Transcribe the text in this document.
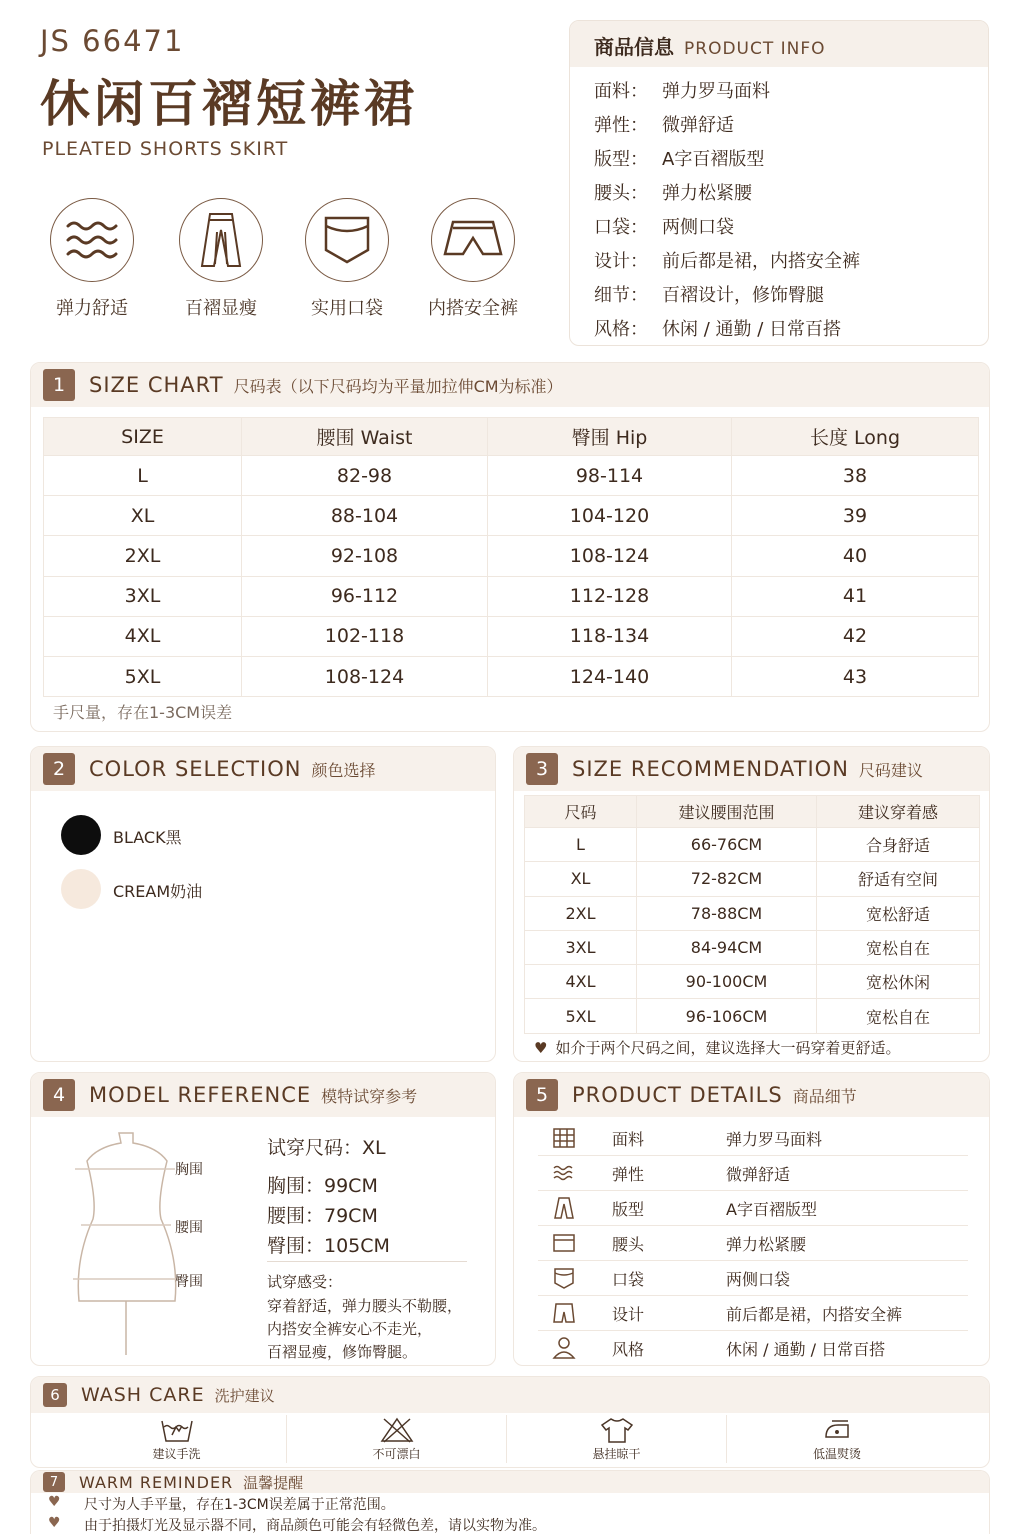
JS 66471
休闲百褶短裤裙
PLEATED SHORTS SKIRT
弹力舒适	百褶显瘦	实用口袋	内搭安全裤
商品信息 PRODUCT INFO
面料： 弹力罗马面料
弹性： 微弹舒适
版型： A字百褶版型
腰头： 弹力松紧腰
口袋： 两侧口袋
设计： 前后都是裙，内搭安全裤
细节： 百褶设计，修饰臀腿
风格： 休闲 / 通勤 / 日常百搭
1	SIZE CHART 尺码表（以下尺码均为平量加拉伸CM为标准）
SIZE	腰围 Waist	臀围 Hip	长度 Long
L	82-98	98-114	38
XL	88-104	104-120	39
2XL	92-108	108-124	40
3XL	96-112	112-128	41
4XL	102-118	118-134	42
5XL	108-124	124-140	43
手尺量，存在1-3CM误差
2	COLOR SELECTION 颜色选择
BLACK黑
CREAM奶油
3	SIZE RECOMMENDATION 尺码建议
尺码	建议腰围范围	建议穿着感
L	66-76CM	合身舒适
XL	72-82CM	舒适有空间
2XL	78-88CM	宽松舒适
3XL	84-94CM	宽松自在
4XL	90-100CM	宽松休闲
5XL	96-106CM	宽松自在
♥ 如介于两个尺码之间，建议选择大一码穿着更舒适。
4	MODEL REFERENCE 模特试穿参考
胸围
腰围
臀围
试穿尺码：XL
胸围：99CM
腰围：79CM
臀围：105CM
试穿感受：
穿着舒适，弹力腰头不勒腰，
内搭安全裤安心不走光，
百褶显瘦，修饰臀腿。
5	PRODUCT DETAILS 商品细节
面料	弹力罗马面料
弹性	微弹舒适
版型	A字百褶版型
腰头	弹力松紧腰
口袋	两侧口袋
设计	前后都是裙，内搭安全裤
风格	休闲 / 通勤 / 日常百搭
6	WASH CARE 洗护建议
建议手洗	不可漂白	悬挂晾干	低温熨烫
7	WARM REMINDER 温馨提醒
♥ 尺寸为人手平量，存在1-3CM误差属于正常范围。
♥ 由于拍摄灯光及显示器不同，商品颜色可能会有轻微色差，请以实物为准。
